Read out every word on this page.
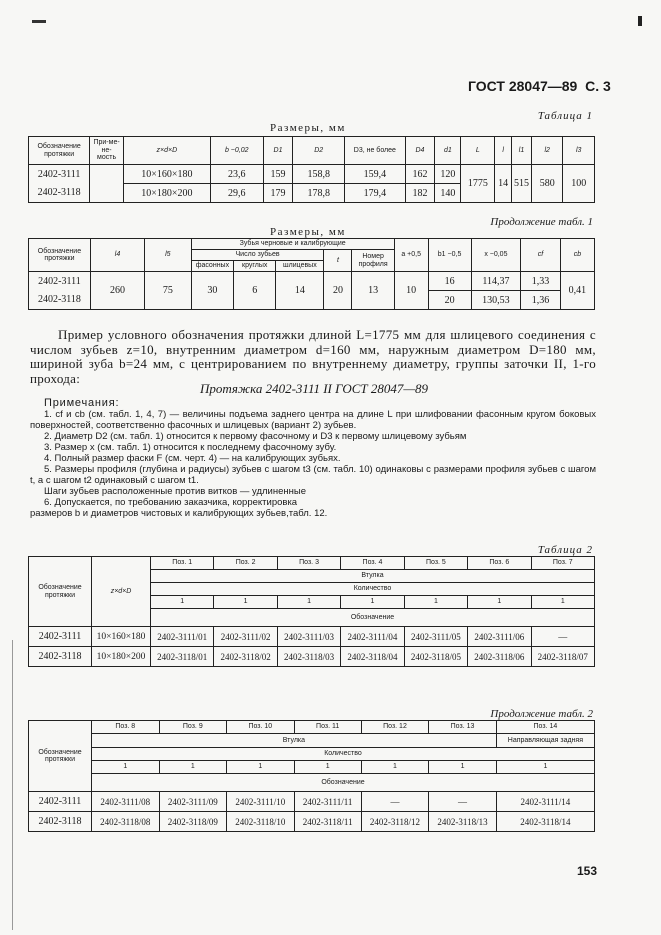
ГОСТ 28047—89 С. 3
Таблица 1
Размеры, мм
Обозначение протяжки	При-ме-не-мость	z×d×D	b −0,02	D1	D2	D3, не более	D4	d1	L	l	l1	l2	l3
2402-3111		10×160×180	23,6	159	158,8	159,4	162	120	1775	14	515	580	100
2402-3118		10×180×200	29,6	179	178,8	179,4	182	140					
Продолжение табл. 1
Размеры, мм
Обозначение протяжки	l4	l5	Зубья черновые и калибрующие					a +0,5	b1 −0,5	x −0,05	cf	cb
			Число зубьев			t	Номер профиля					
			фасонных	круглых	шлицевых							
2402-3111	260	75	30	6	14	20	13	10	16	114,37	1,33	0,41
2402-3118									20	130,53	1,36	
Пример условного обозначения протяжки длиной L=1775 мм для шлицевого соединения с числом зубьев z=10, внутренним диаметром d=160 мм, наружным диаметром D=180 мм, шириной зуба b=24 мм, с центрированием по внутреннему диаметру, группы заточки II, 1-го прохода:
Протяжка 2402-3111 II ГОСТ 28047—89
Примечания:
1. cf и cb (см. табл. 1, 4, 7) — величины подъема заднего центра на длине L при шлифовании фасонным кругом боковых поверхностей, соответственно фасочных и шлицевых (вариант 2) зубьев.
2. Диаметр D2 (см. табл. 1) относится к первому фасочному и D3 к первому шлицевому зубьям
3. Размер x (см. табл. 1) относится к последнему фасочному зубу.
4. Полный размер фаски F (см. черт. 4) — на калибрующих зубьях.
5. Размеры профиля (глубина и радиусы) зубьев с шагом t3 (см. табл. 10) одинаковы с размерами профиля зубьев с шагом t, а с шагом t2 одинаковый с шагом t1.
Шаги зубьев расположенные против витков — удлиненные
6. Допускается, по требованию заказчика, корректировка
размеров b и диаметров чистовых и калибрующих зубьев,табл. 12.
Таблица 2
Обозначение протяжки	z×d×D	Поз. 1	Поз. 2	Поз. 3	Поз. 4	Поз. 5	Поз. 6	Поз. 7
		Втулка						
		Количество						
		1	1	1	1	1	1	1
		Обозначение						
2402-3111	10×160×180	2402-3111/01	2402-3111/02	2402-3111/03	2402-3111/04	2402-3111/05	2402-3111/06	—
2402-3118	10×180×200	2402-3118/01	2402-3118/02	2402-3118/03	2402-3118/04	2402-3118/05	2402-3118/06	2402-3118/07
Продолжение табл. 2
Обозначение протяжки	Поз. 8	Поз. 9	Поз. 10	Поз. 11	Поз. 12	Поз. 13	Поз. 14
	Втулка						Направляющая задняя
	Количество						
	1	1	1	1	1	1	1
	Обозначение						
2402-3111	2402-3111/08	2402-3111/09	2402-3111/10	2402-3111/11	—	—	2402-3111/14
2402-3118	2402-3118/08	2402-3118/09	2402-3118/10	2402-3118/11	2402-3118/12	2402-3118/13	2402-3118/14
153
